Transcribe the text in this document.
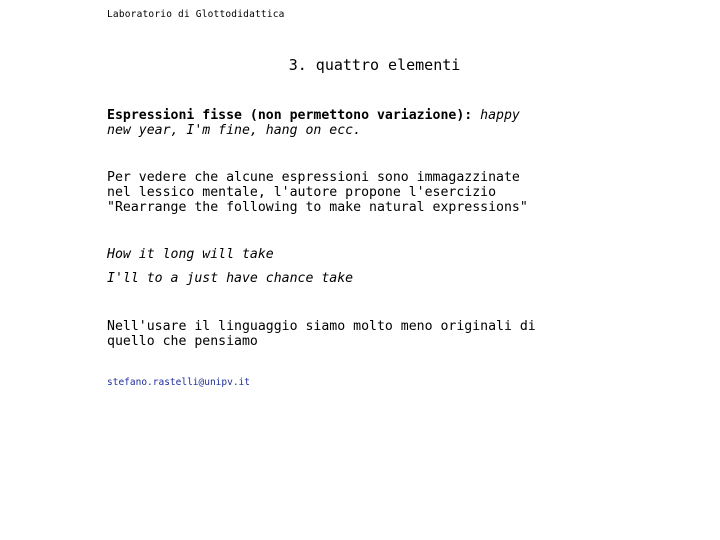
Laboratorio di Glottodidattica
3. quattro elementi
Espressioni fisse (non permettono variazione): happy
new year, I'm fine, hang on ecc.
Per vedere che alcune espressioni sono immagazzinate
nel lessico mentale, l'autore propone l'esercizio
"Rearrange the following to make natural expressions"
How it long will take
I'll to a just have chance take
Nell'usare il linguaggio siamo molto meno originali di
quello che pensiamo
stefano.rastelli@unipv.it
